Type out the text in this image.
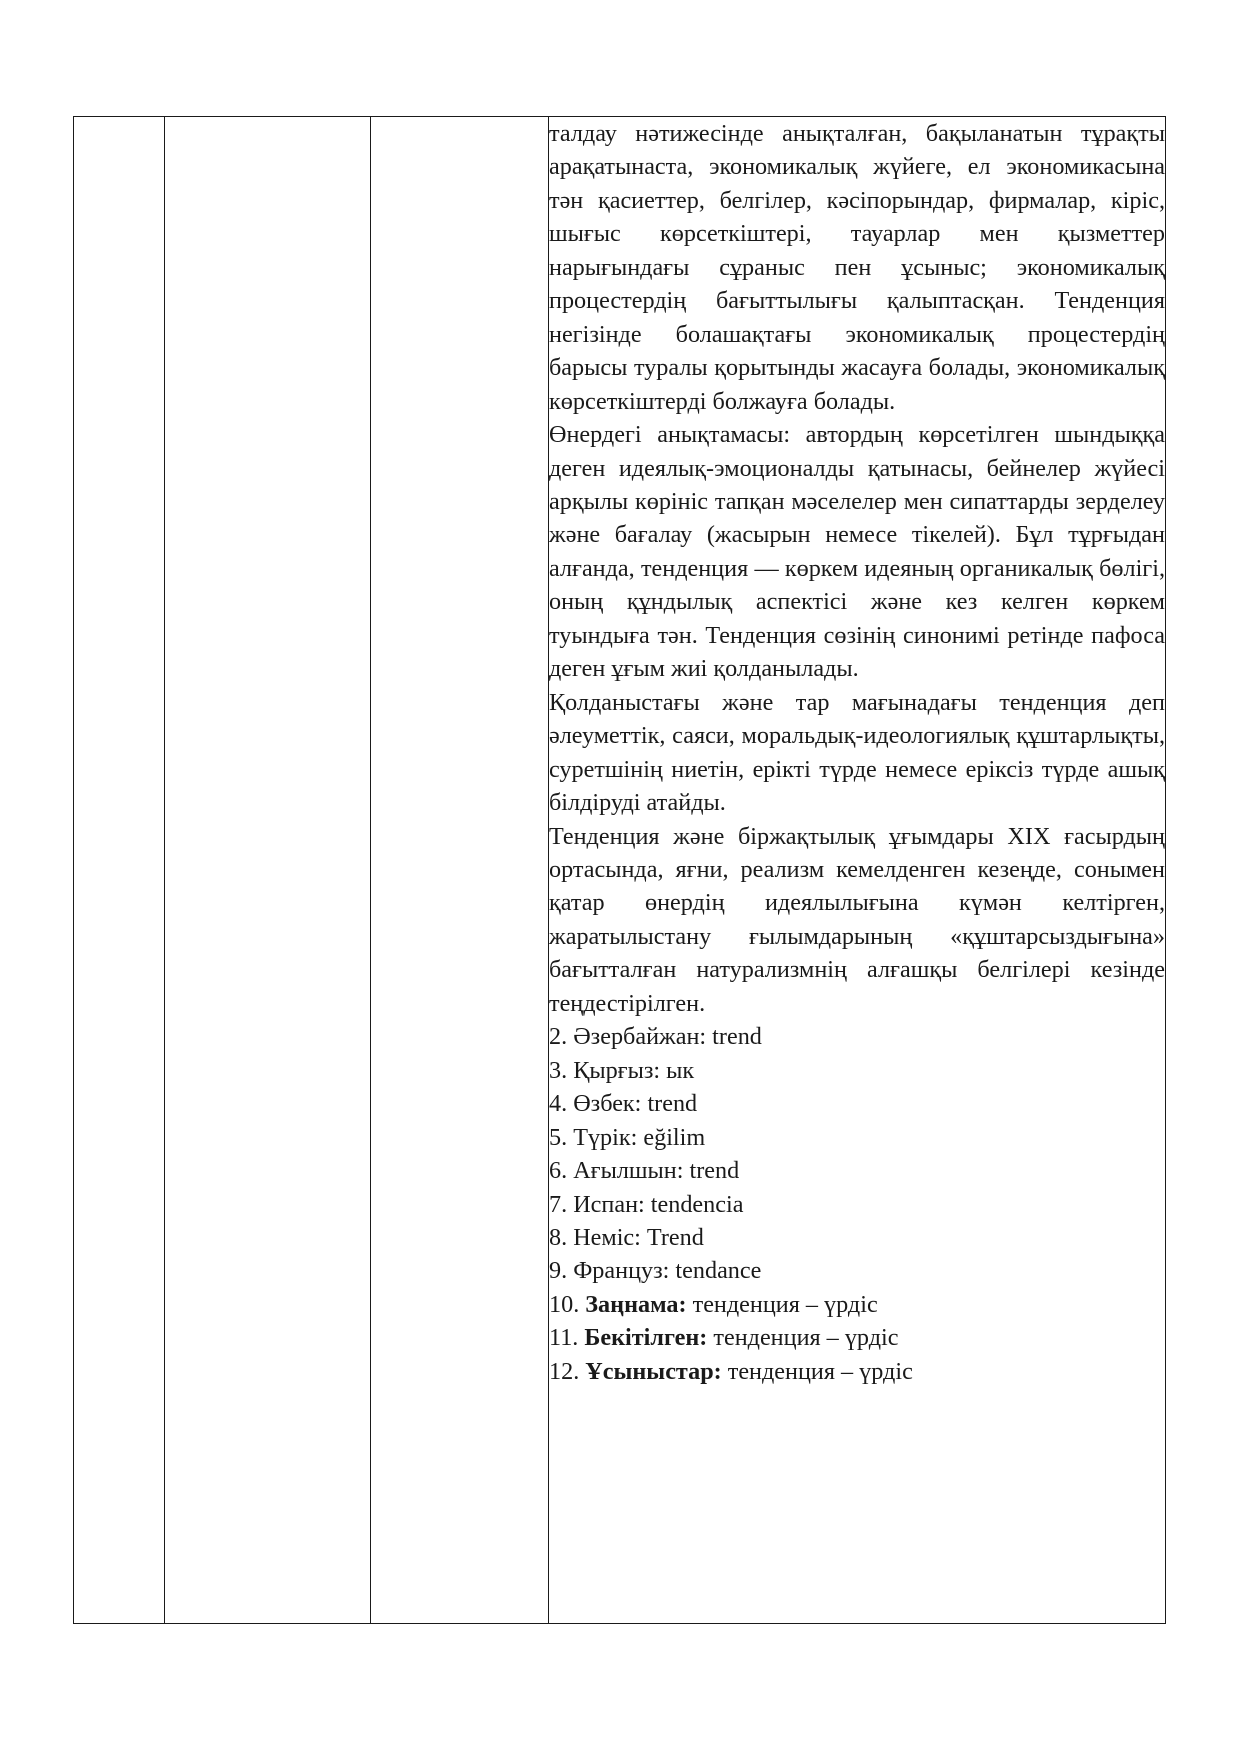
талдау нәтижесінде анықталған, бақыланатын тұрақты арақатынаста, экономикалық жүйеге, ел экономикасына тән қасиеттер, белгілер, кәсіпорындар, фирмалар, кіріс, шығыс көрсеткіштері, тауарлар мен қызметтер нарығындағы сұраныс пен ұсыныс; экономикалық процестердің бағыттылығы қалыптасқан. Тенденция негізінде болашақтағы экономикалық процестердің барысы туралы қорытынды жасауға болады, экономикалық көрсеткіштерді болжауға болады.

Өнердегі анықтамасы: автордың көрсетілген шындыққа деген идеялық-эмоционалды қатынасы, бейнелер жүйесі арқылы көрініс тапқан мәселелер мен сипаттарды зерделеу және бағалау (жасырын немесе тікелей). Бұл тұрғыдан алғанда, тенденция — көркем идеяның органикалық бөлігі, оның құндылық аспектісі және кез келген көркем туындыға тән. Тенденция сөзінің синонимі ретінде пафоса деген ұғым жиі қолданылады.

Қолданыстағы және тар мағынадағы тенденция деп әлеуметтік, саяси, моральдық-идеологиялық құштарлықты, суретшінің ниетін, ерікті түрде немесе еріксіз түрде ашық білдіруді атайды.

Тенденция және біржақтылық ұғымдары XIX ғасырдың ортасында, яғни, реализм кемелденген кезеңде, сонымен қатар өнердің идеялылығына күмән келтірген, жаратылыстану ғылымдарының «құштарсыздығына» бағытталған натурализмнің алғашқы белгілері кезінде теңдестірілген.

2. Әзербайжан: trend

3. Қырғыз: ык

4. Өзбек: trend

5. Түрік: eğilim

6. Ағылшын: trend

7. Испан: tendencia

8. Неміс: Trend

9. Француз: tendance

10. Заңнама: тенденция – үрдіс

11. Бекітілген: тенденция – үрдіс

12. Ұсыныстар: тенденция – үрдіс
